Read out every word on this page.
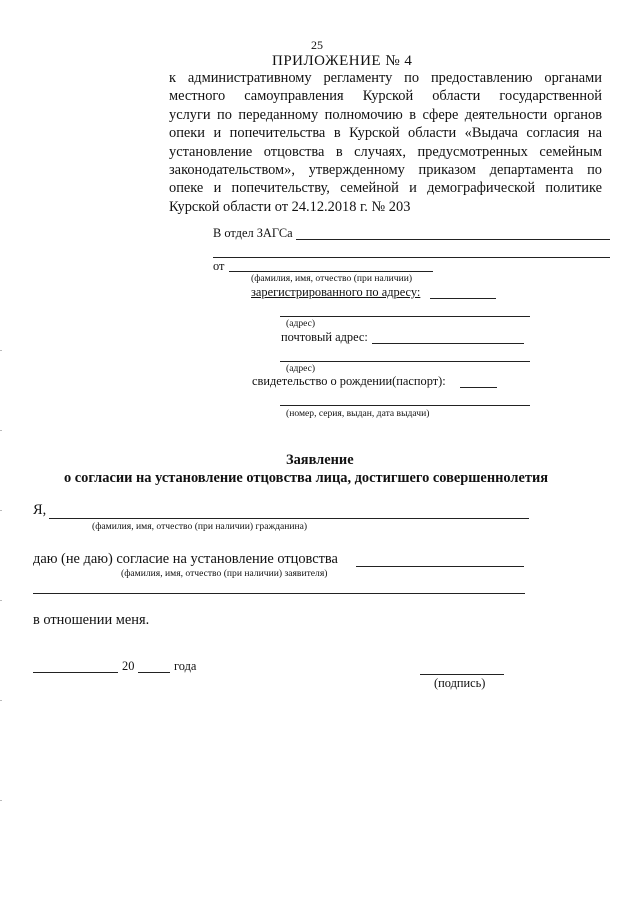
25
ПРИЛОЖЕНИЕ № 4
к административному регламенту по предоставлению органами
местного самоуправления Курской области государственной
услуги по переданному полномочию в сфере деятельности органов
опеки и попечительства в Курской области «Выдача согласия на
установление отцовства в случаях, предусмотренных семейным
законодательством», утвержденному приказом департамента по
опеке и попечительству, семейной и демографической политике
Курской области от 24.12.2018 г. № 203
В отдел ЗАГСа
от
(фамилия, имя, отчество (при наличии)
зарегистрированного по адресу:
(адрес)
почтовый адрес:
(адрес)
свидетельство о рождении(паспорт):
(номер, серия, выдан, дата выдачи)
Заявление
о согласии на установление отцовства лица, достигшего совершеннолетия
Я,
(фамилия, имя, отчество (при наличии) гражданина)
даю (не даю) согласие на установление отцовства
(фамилия, имя, отчество (при наличии) заявителя)
в отношении меня.
20	года
(подпись)
